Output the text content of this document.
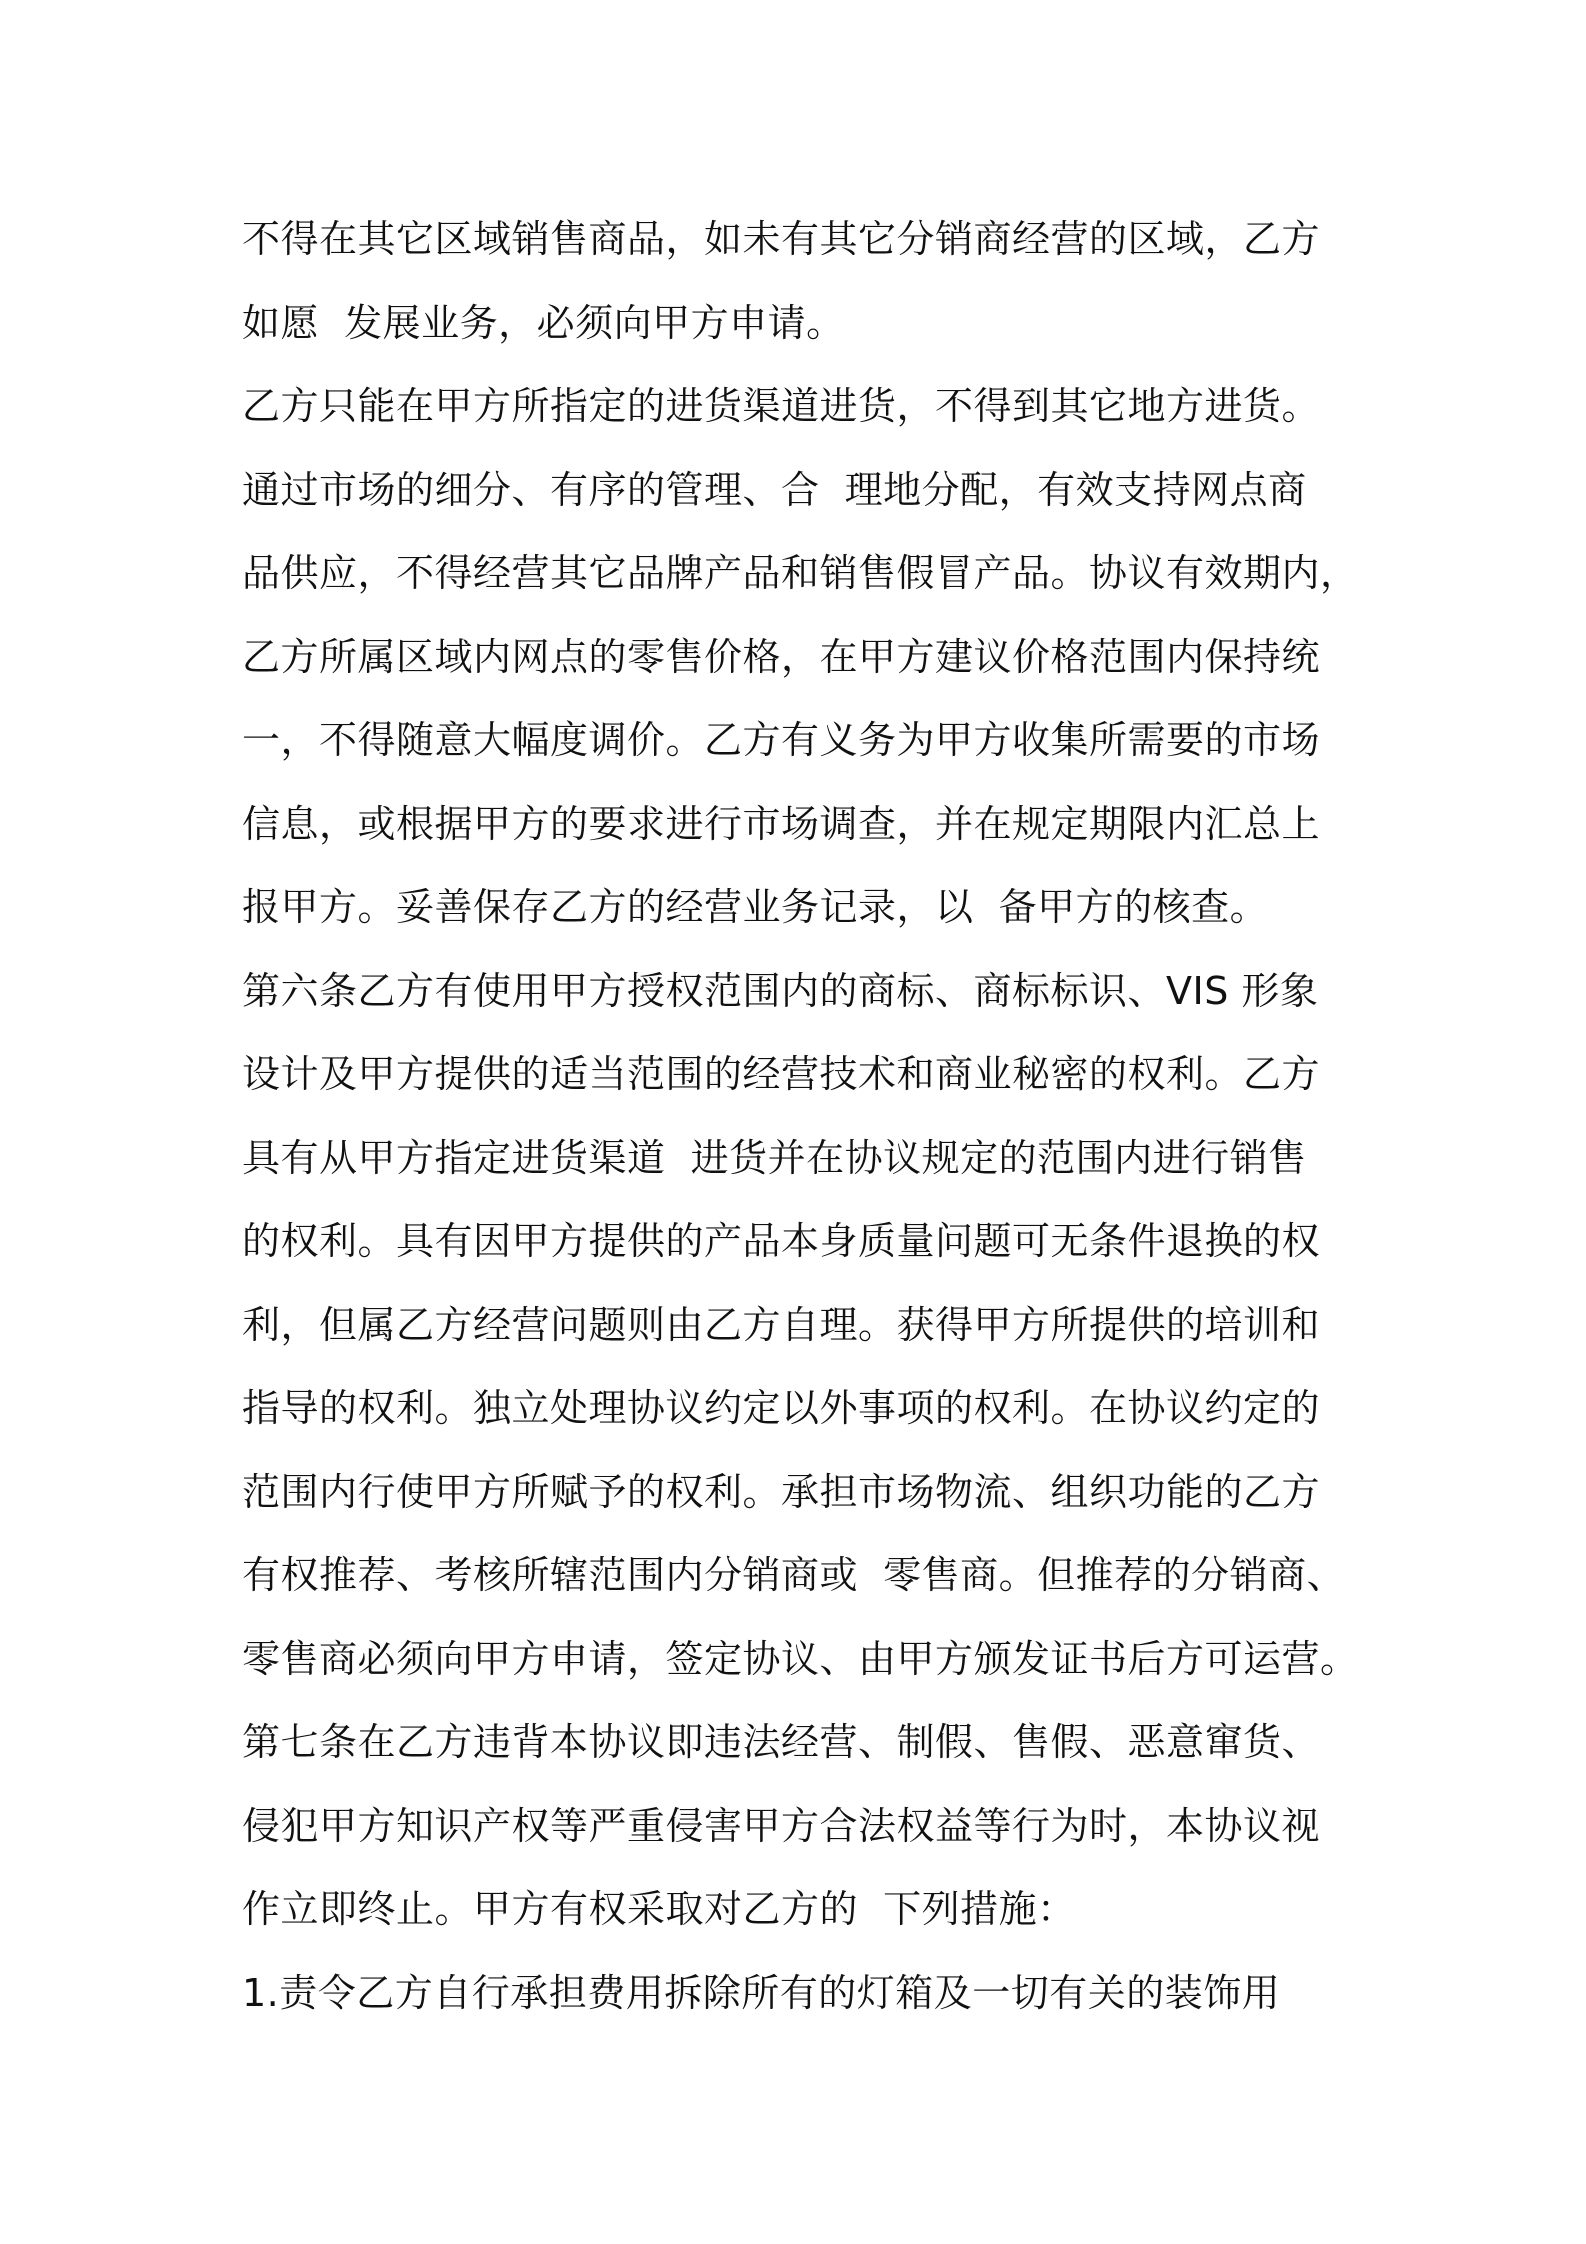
不得在其它区域销售商品，如未有其它分销商经营的区域，乙方
如愿  发展业务，必须向甲方申请。
乙方只能在甲方所指定的进货渠道进货，不得到其它地方进货。
通过市场的细分、有序的管理、合  理地分配，有效支持网点商
品供应，不得经营其它品牌产品和销售假冒产品。协议有效期内，
乙方所属区域内网点的零售价格，在甲方建议价格范围内保持统
一，不得随意大幅度调价。乙方有义务为甲方收集所需要的市场
信息，或根据甲方的要求进行市场调查，并在规定期限内汇总上
报甲方。妥善保存乙方的经营业务记录，以  备甲方的核查。
第六条乙方有使用甲方授权范围内的商标、商标标识、VIS 形象
设计及甲方提供的适当范围的经营技术和商业秘密的权利。乙方
具有从甲方指定进货渠道  进货并在协议规定的范围内进行销售
的权利。具有因甲方提供的产品本身质量问题可无条件退换的权
利，但属乙方经营问题则由乙方自理。获得甲方所提供的培训和
指导的权利。独立处理协议约定以外事项的权利。在协议约定的
范围内行使甲方所赋予的权利。承担市场物流、组织功能的乙方
有权推荐、考核所辖范围内分销商或  零售商。但推荐的分销商、
零售商必须向甲方申请，签定协议、由甲方颁发证书后方可运营。
第七条在乙方违背本协议即违法经营、制假、售假、恶意窜货、
侵犯甲方知识产权等严重侵害甲方合法权益等行为时，本协议视
作立即终止。甲方有权采取对乙方的  下列措施：
1.责令乙方自行承担费用拆除所有的灯箱及一切有关的装饰用
